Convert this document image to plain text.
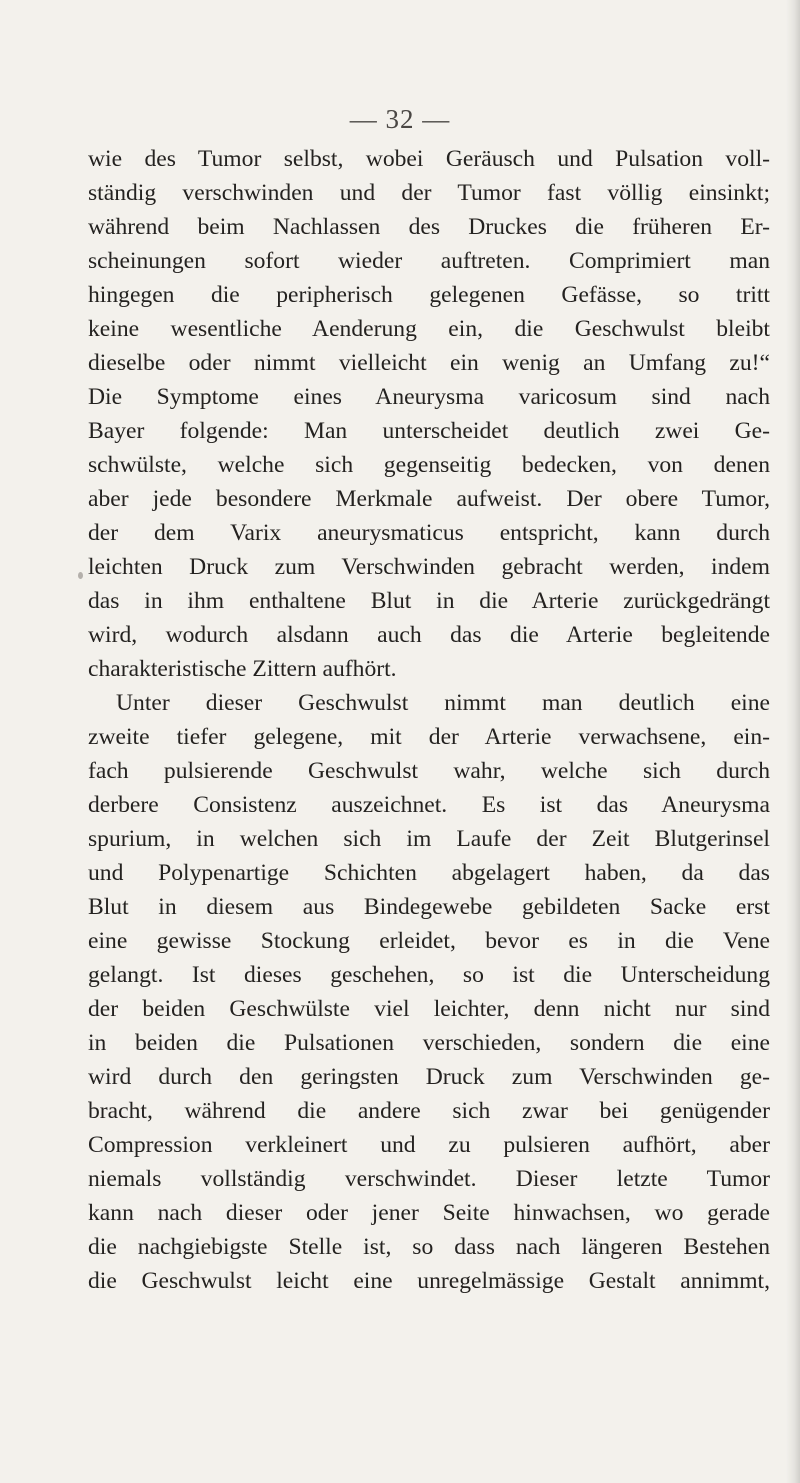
— 32 —
wie des Tumor selbst, wobei Geräusch und Pulsation voll-
ständig verschwinden und der Tumor fast völlig einsinkt;
während beim Nachlassen des Druckes die früheren Er-
scheinungen sofort wieder auftreten. Comprimiert man
hingegen die peripherisch gelegenen Gefässe, so tritt
keine wesentliche Aenderung ein, die Geschwulst bleibt
dieselbe oder nimmt vielleicht ein wenig an Umfang zu!“
Die Symptome eines Aneurysma varicosum sind nach
Bayer folgende: Man unterscheidet deutlich zwei Ge-
schwülste, welche sich gegenseitig bedecken, von denen
aber jede besondere Merkmale aufweist. Der obere Tumor,
der dem Varix aneurysmaticus entspricht, kann durch
leichten Druck zum Verschwinden gebracht werden, indem
das in ihm enthaltene Blut in die Arterie zurückgedrängt
wird, wodurch alsdann auch das die Arterie begleitende
charakteristische Zittern aufhört.
Unter dieser Geschwulst nimmt man deutlich eine
zweite tiefer gelegene, mit der Arterie verwachsene, ein-
fach pulsierende Geschwulst wahr, welche sich durch
derbere Consistenz auszeichnet. Es ist das Aneurysma
spurium, in welchen sich im Laufe der Zeit Blutgerinsel
und Polypenartige Schichten abgelagert haben, da das
Blut in diesem aus Bindegewebe gebildeten Sacke erst
eine gewisse Stockung erleidet, bevor es in die Vene
gelangt. Ist dieses geschehen, so ist die Unterscheidung
der beiden Geschwülste viel leichter, denn nicht nur sind
in beiden die Pulsationen verschieden, sondern die eine
wird durch den geringsten Druck zum Verschwinden ge-
bracht, während die andere sich zwar bei genügender
Compression verkleinert und zu pulsieren aufhört, aber
niemals vollständig verschwindet. Dieser letzte Tumor
kann nach dieser oder jener Seite hinwachsen, wo gerade
die nachgiebigste Stelle ist, so dass nach längeren Bestehen
die Geschwulst leicht eine unregelmässige Gestalt annimmt,
